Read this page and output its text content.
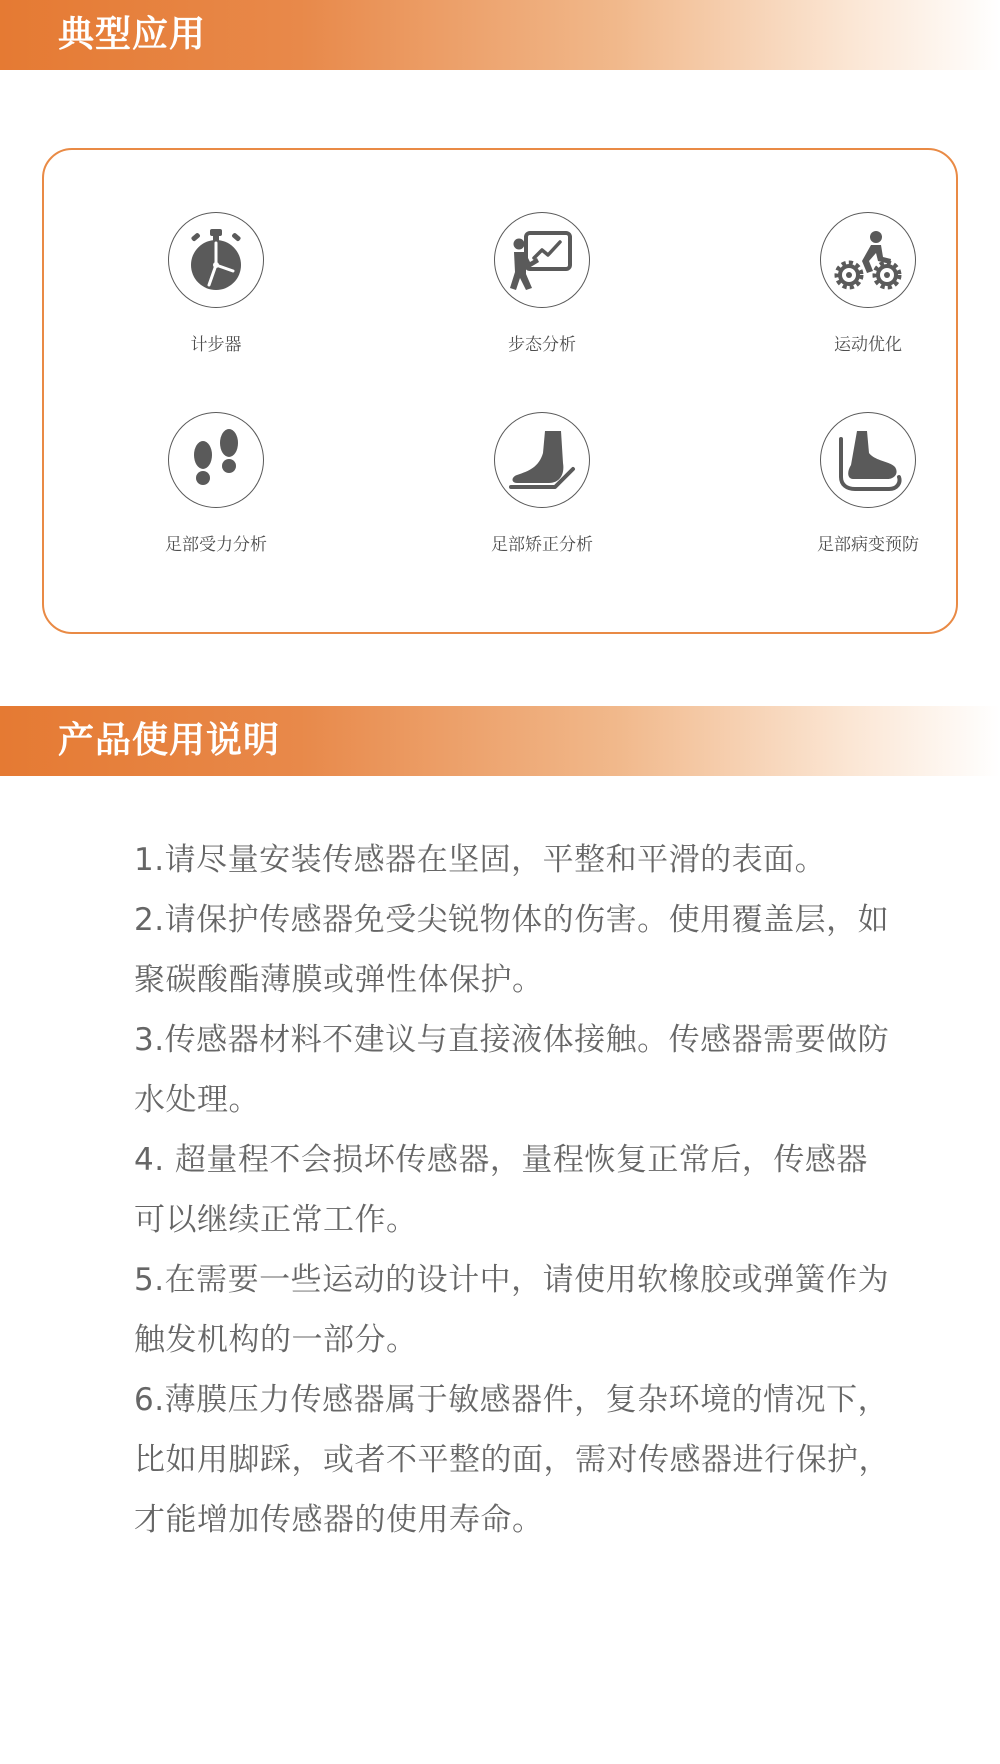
典型应用
计步器	步态分析	运动优化
足部受力分析	足部矫正分析	足部病变预防
产品使用说明

1.请尽量安装传感器在坚固，平整和平滑的表面。

2.请保护传感器免受尖锐物体的伤害。使用覆盖层，如聚碳酸酯薄膜或弹性体保护。

3.传感器材料不建议与直接液体接触。传感器需要做防水处理。

4. 超量程不会损坏传感器，量程恢复正常后，传感器可以继续正常工作。

5.在需要一些运动的设计中，请使用软橡胶或弹簧作为触发机构的一部分。

6.薄膜压力传感器属于敏感器件，复杂环境的情况下，比如用脚踩，或者不平整的面，需对传感器进行保护，才能增加传感器的使用寿命。
